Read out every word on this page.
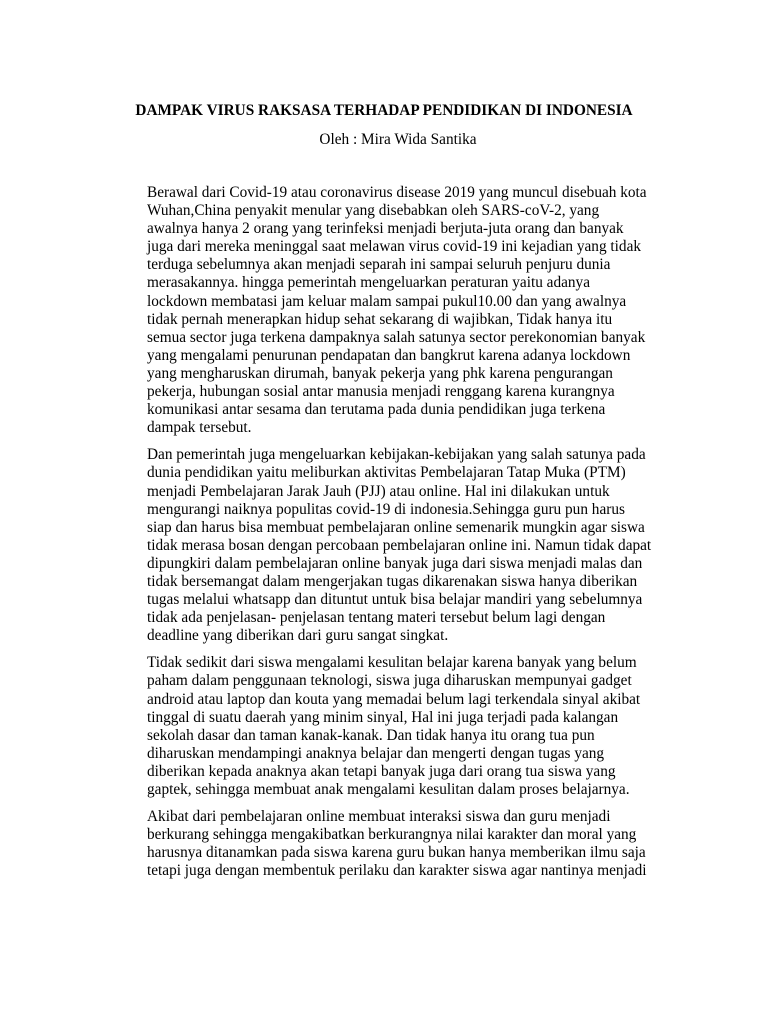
DAMPAK VIRUS RAKSASA TERHADAP PENDIDIKAN DI INDONESIA
Oleh : Mira Wida Santika
Berawal dari Covid-19 atau coronavirus disease 2019 yang muncul disebuah kota
Wuhan,China penyakit menular yang disebabkan oleh SARS-coV-2, yang
awalnya hanya 2 orang yang terinfeksi menjadi berjuta-juta orang dan banyak
juga dari mereka meninggal saat melawan virus covid-19 ini kejadian yang tidak
terduga sebelumnya akan menjadi separah ini sampai seluruh penjuru dunia
merasakannya. hingga pemerintah mengeluarkan peraturan yaitu adanya
lockdown membatasi jam keluar malam sampai pukul10.00 dan yang awalnya
tidak pernah menerapkan hidup sehat sekarang di wajibkan, Tidak hanya itu
semua sector juga terkena dampaknya salah satunya sector perekonomian banyak
yang mengalami penurunan pendapatan dan bangkrut karena adanya lockdown
yang mengharuskan dirumah, banyak pekerja yang phk karena pengurangan
pekerja, hubungan sosial antar manusia menjadi renggang karena kurangnya
komunikasi antar sesama dan terutama pada dunia pendidikan juga terkena
dampak tersebut.
Dan pemerintah juga mengeluarkan kebijakan-kebijakan yang salah satunya pada
dunia pendidikan yaitu meliburkan aktivitas Pembelajaran Tatap Muka (PTM)
menjadi Pembelajaran Jarak Jauh (PJJ) atau online. Hal ini dilakukan untuk
mengurangi naiknya populitas covid-19 di indonesia.Sehingga guru pun harus
siap dan harus bisa membuat pembelajaran online semenarik mungkin agar siswa
tidak merasa bosan dengan percobaan pembelajaran online ini. Namun tidak dapat
dipungkiri dalam pembelajaran online banyak juga dari siswa menjadi malas dan
tidak bersemangat dalam mengerjakan tugas dikarenakan siswa hanya diberikan
tugas melalui whatsapp dan dituntut untuk bisa belajar mandiri yang sebelumnya
tidak ada penjelasan- penjelasan tentang materi tersebut belum lagi dengan
deadline yang diberikan dari guru sangat singkat.
Tidak sedikit dari siswa mengalami kesulitan belajar karena banyak yang belum
paham dalam penggunaan teknologi, siswa juga diharuskan mempunyai gadget
android atau laptop dan kouta yang memadai belum lagi terkendala sinyal akibat
tinggal di suatu daerah yang minim sinyal, Hal ini juga terjadi pada kalangan
sekolah dasar dan taman kanak-kanak. Dan tidak hanya itu orang tua pun
diharuskan mendampingi anaknya belajar dan mengerti dengan tugas yang
diberikan kepada anaknya akan tetapi banyak juga dari orang tua siswa yang
gaptek, sehingga membuat anak mengalami kesulitan dalam proses belajarnya.
Akibat dari pembelajaran online membuat interaksi siswa dan guru menjadi
berkurang sehingga mengakibatkan berkurangnya nilai karakter dan moral yang
harusnya ditanamkan pada siswa karena guru bukan hanya memberikan ilmu saja
tetapi juga dengan membentuk perilaku dan karakter siswa agar nantinya menjadi
